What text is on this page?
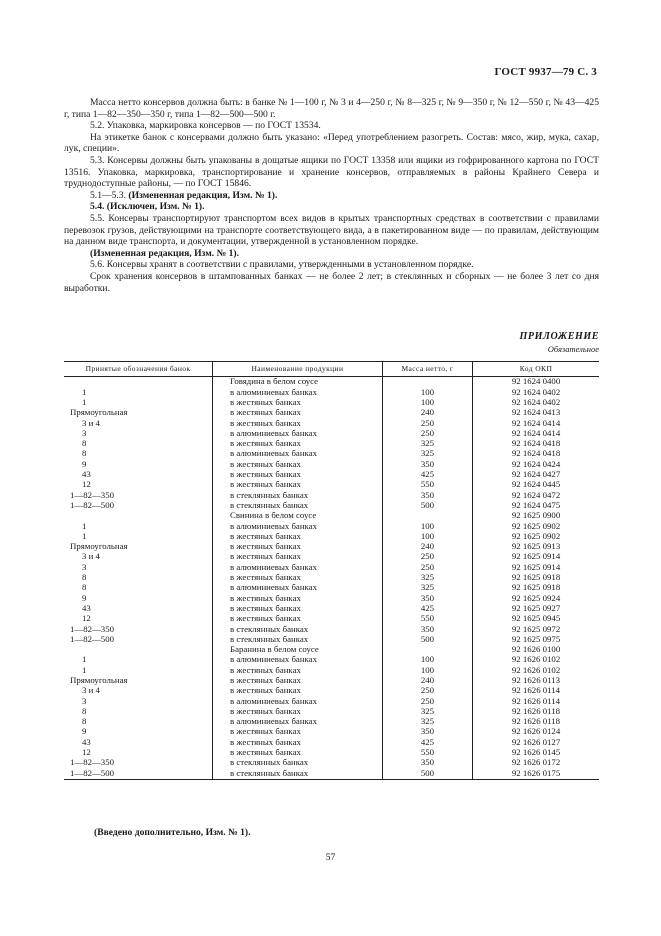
ГОСТ 9937—79 С. 3

Масса нетто консервов должна быть: в банке № 1—100 г, № 3 и 4—250 г, № 8—325 г, № 9—350 г, № 12—550 г, № 43—425 г, типа 1—82—350—350 г, типа 1—82—500—500 г.

5.2. Упаковка, маркировка консервов — по ГОСТ 13534.

На этикетке банок с консервами должно быть указано: «Перед употреблением разогреть. Состав: мясо, жир, мука, сахар, лук, специи».

5.3. Консервы должны быть упакованы в дощатые ящики по ГОСТ 13358 или ящики из гофрированного картона по ГОСТ 13516. Упаковка, маркировка, транспортирование и хранение консервов, отправляемых в районы Крайнего Севера и труднодоступные районы, — по ГОСТ 15846.

5.1—5.3. (Измененная редакция, Изм. № 1).

5.4. (Исключен, Изм. № 1).

5.5. Консервы транспортируют транспортом всех видов в крытых транспортных средствах в соответствии с правилами перевозок грузов, действующими на транспорте соответствующего вида, а в пакетированном виде — по правилам, действующим на данном виде транспорта, и документации, утвержденной в установленном порядке.

(Измененная редакция, Изм. № 1).

5.6. Консервы хранят в соответствии с правилами, утвержденными в установленном порядке.

Срок хранения консервов в штампованных банках — не более 2 лет; в стеклянных и сборных — не более 3 лет со дня выработки.

ПРИЛОЖЕНИЕ
Обязательное
Принятые обозначения банок	Наименование продукции	Масса нетто, г	Код ОКП
	Говядина в белом соусе		92 1624 0400
1	в алюминиевых банках	100	92 1624 0402
1	в жестяных банках	100	92 1624 0402
Прямоугольная	в жестяных банках	240	92 1624 0413
3 и 4	в жестяных банках	250	92 1624 0414
3	в алюминиевых банках	250	92 1624 0414
8	в жестяных банках	325	92 1624 0418
8	в алюминиевых банках	325	92 1624 0418
9	в жестяных банках	350	92 1624 0424
43	в жестяных банках	425	92 1624 0427
12	в жестяных банках	550	92 1624 0445
1—82—350	в стеклянных банках	350	92 1624 0472
1—82—500	в стеклянных банках	500	92 1624 0475
	Свинина в белом соусе		92 1625 0900
1	в алюминиевых банках	100	92 1625 0902
1	в жестяных банках	100	92 1625 0902
Прямоугольная	в жестяных банках	240	92 1625 0913
3 и 4	в жестяных банках	250	92 1625 0914
3	в алюминиевых банках	250	92 1625 0914
8	в жестяных банках	325	92 1625 0918
8	в алюминиевых банках	325	92 1625 0918
9	в жестяных банках	350	92 1625 0924
43	в жестяных банках	425	92 1625 0927
12	в жестяных банках	550	92 1625 0945
1—82—350	в стеклянных банках	350	92 1625 0972
1—82—500	в стеклянных банках	500	92 1625 0975
	Баранина в белом соусе		92 1626 0100
1	в алюминиевых банках	100	92 1626 0102
1	в жестяных банках	100	92 1626 0102
Прямоугольная	в жестяных банках	240	92 1626 0113
3 и 4	в жестяных банках	250	92 1626 0114
3	в алюминиевых банках	250	92 1626 0114
8	в жестяных банках	325	92 1626 0118
8	в алюминиевых банках	325	92 1626 0118
9	в жестяных банках	350	92 1626 0124
43	в жестяных банках	425	92 1626 0127
12	в жестяных банках	550	92 1626 0145
1—82—350	в стеклянных банках	350	92 1626 0172
1—82—500	в стеклянных банках	500	92 1626 0175
(Введено дополнительно, Изм. № 1).
57
